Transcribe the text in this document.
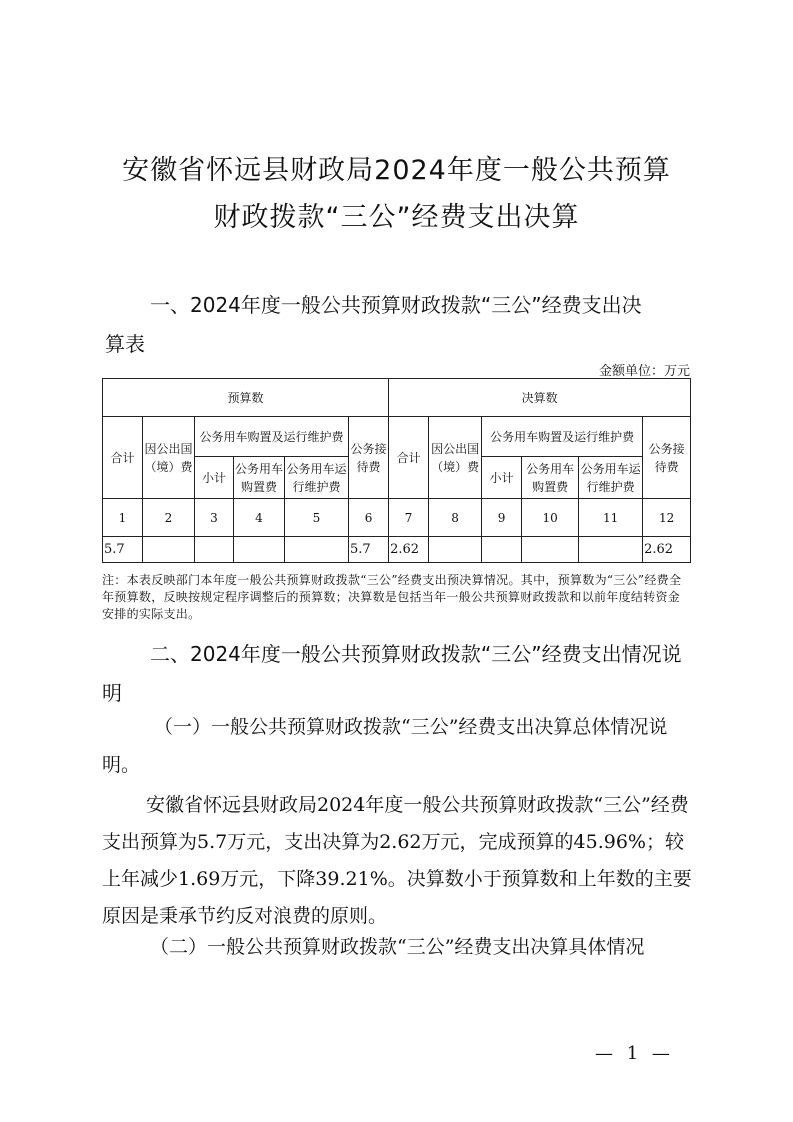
安徽省怀远县财政局2024年度一般公共预算
财政拨款“三公”经费支出决算
一、2024年度一般公共预算财政拨款“三公”经费支出决
算表
金额单位：万元
预算数						决算数					
合计	因公出国（境）费	公务用车购置及运行维护费			公务接待费	合计	因公出国（境）费	公务用车购置及运行维护费			公务接待费
		小计	公务用车购置费	公务用车运行维护费				小计	公务用车购置费	公务用车运行维护费	
1	2	3	4	5	6	7	8	9	10	11	12
5.7					5.7	2.62					2.62
注：本表反映部门本年度一般公共预算财政拨款“三公”经费支出预决算情况。其中，预算数为“三公”经费全年预算数，反映按规定程序调整后的预算数；决算数是包括当年一般公共预算财政拨款和以前年度结转资金安排的实际支出。
二、2024年度一般公共预算财政拨款“三公”经费支出情况说
明
（一）一般公共预算财政拨款“三公”经费支出决算总体情况说明。
安徽省怀远县财政局2024年度一般公共预算财政拨款“三公”经费支出预算为5.7万元，支出决算为2.62万元，完成预算的45.96%；较上年减少1.69万元，下降39.21%。决算数小于预算数和上年数的主要原因是秉承节约反对浪费的原则。
（二）一般公共预算财政拨款“三公”经费支出决算具体情况
— 1 —
